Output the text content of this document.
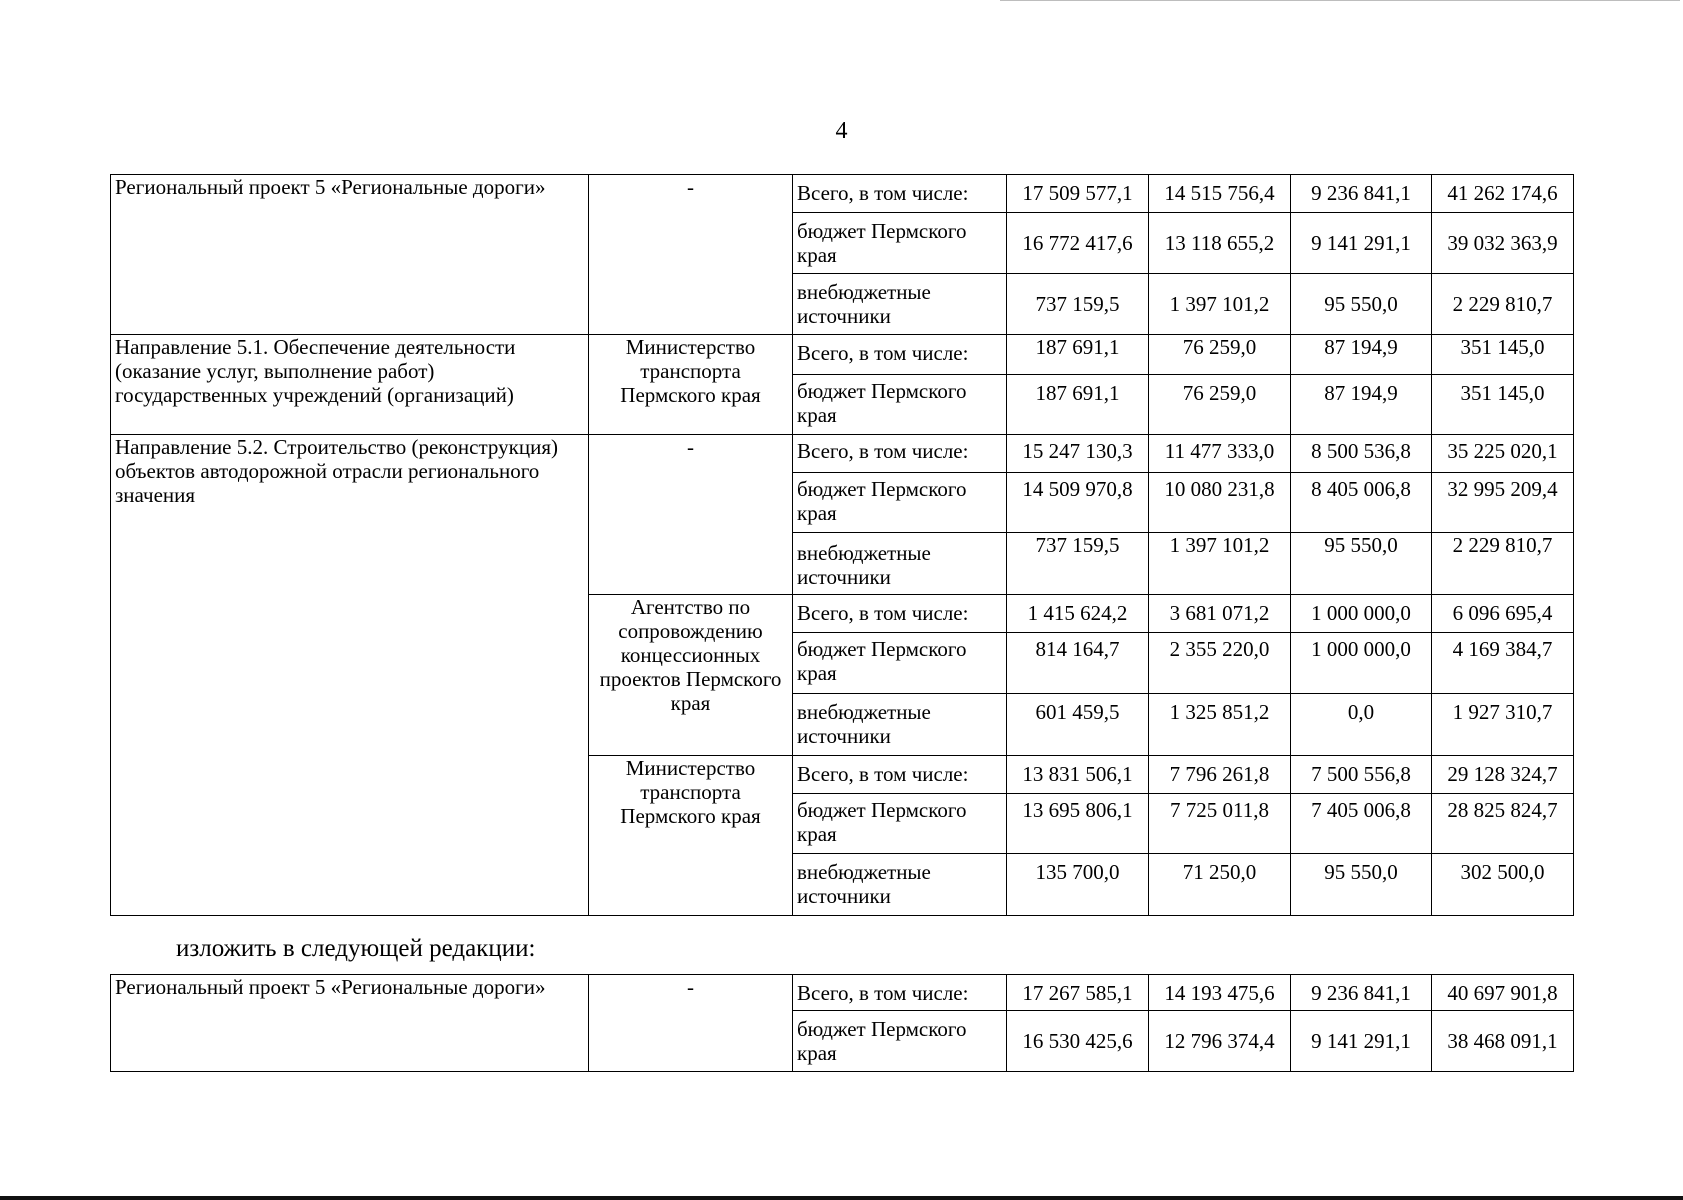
4
Региональный проект 5 «Региональные дороги»	-	Всего, в том числе:	17 509 577,1	14 515 756,4	9 236 841,1	41 262 174,6
		бюджет Пермского края	16 772 417,6	13 118 655,2	9 141 291,1	39 032 363,9
		внебюджетные источники	737 159,5	1 397 101,2	95 550,0	2 229 810,7
Направление 5.1. Обеспечение деятельности (оказание услуг, выполнение работ) государственных учреждений (организаций)	Министерство транспорта Пермского края	Всего, в том числе:	187 691,1	76 259,0	87 194,9	351 145,0
		бюджет Пермского края	187 691,1	76 259,0	87 194,9	351 145,0
Направление 5.2. Строительство (реконструкция) объектов автодорожной отрасли регионального значения	-	Всего, в том числе:	15 247 130,3	11 477 333,0	8 500 536,8	35 225 020,1
		бюджет Пермского края	14 509 970,8	10 080 231,8	8 405 006,8	32 995 209,4
		внебюджетные источники	737 159,5	1 397 101,2	95 550,0	2 229 810,7
	Агентство по сопровождению концессионных проектов Пермского края	Всего, в том числе:	1 415 624,2	3 681 071,2	1 000 000,0	6 096 695,4
		бюджет Пермского края	814 164,7	2 355 220,0	1 000 000,0	4 169 384,7
		внебюджетные источники	601 459,5	1 325 851,2	0,0	1 927 310,7
	Министерство транспорта Пермского края	Всего, в том числе:	13 831 506,1	7 796 261,8	7 500 556,8	29 128 324,7
		бюджет Пермского края	13 695 806,1	7 725 011,8	7 405 006,8	28 825 824,7
		внебюджетные источники	135 700,0	71 250,0	95 550,0	302 500,0
изложить в следующей редакции:
Региональный проект 5 «Региональные дороги»	-	Всего, в том числе:	17 267 585,1	14 193 475,6	9 236 841,1	40 697 901,8
		бюджет Пермского края	16 530 425,6	12 796 374,4	9 141 291,1	38 468 091,1
